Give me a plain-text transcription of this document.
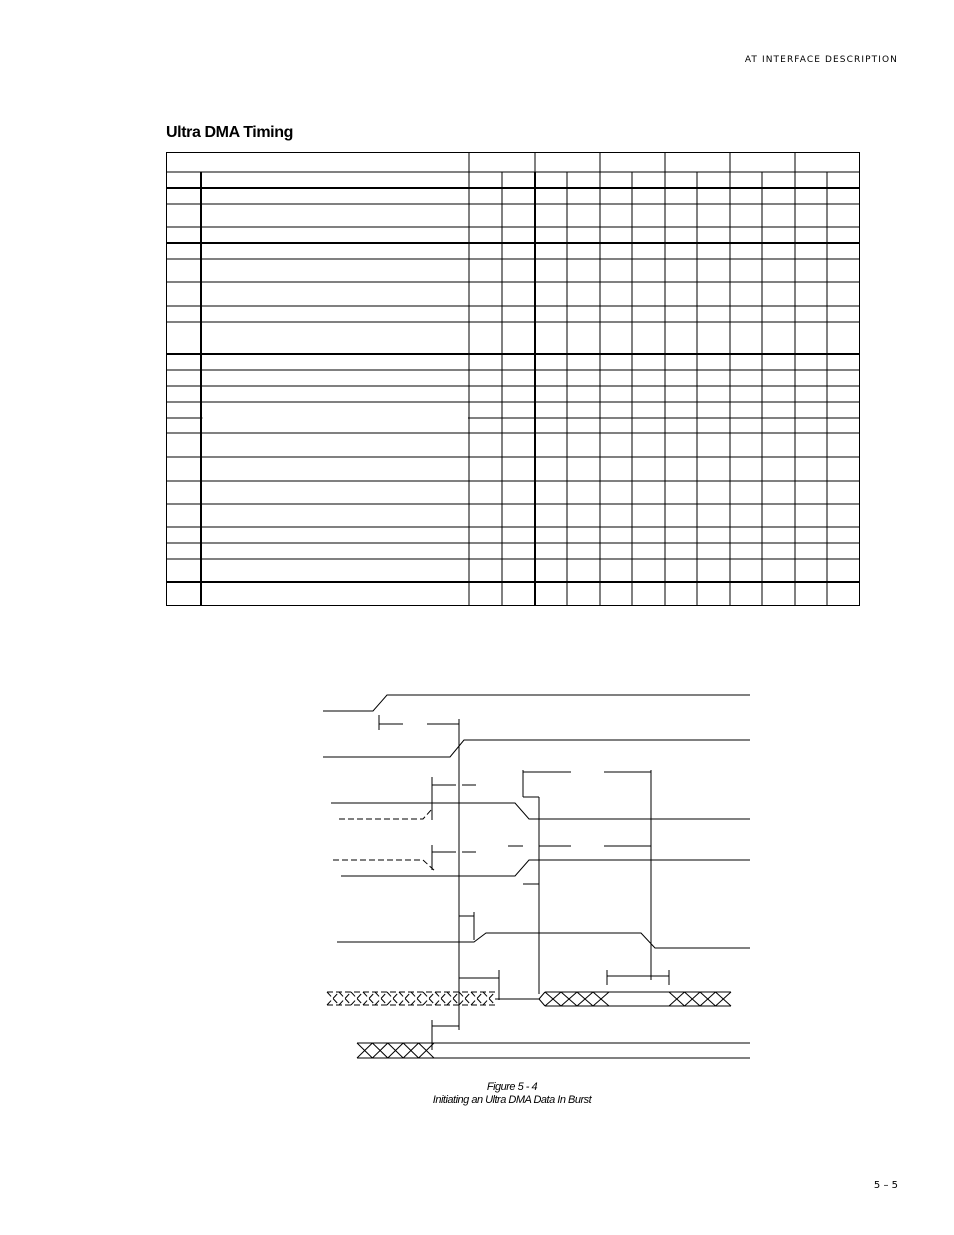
AT INTERFACE DESCRIPTION
Ultra DMA Timing
Figure 5 - 4
Initiating an Ultra DMA Data In Burst
5 – 5
